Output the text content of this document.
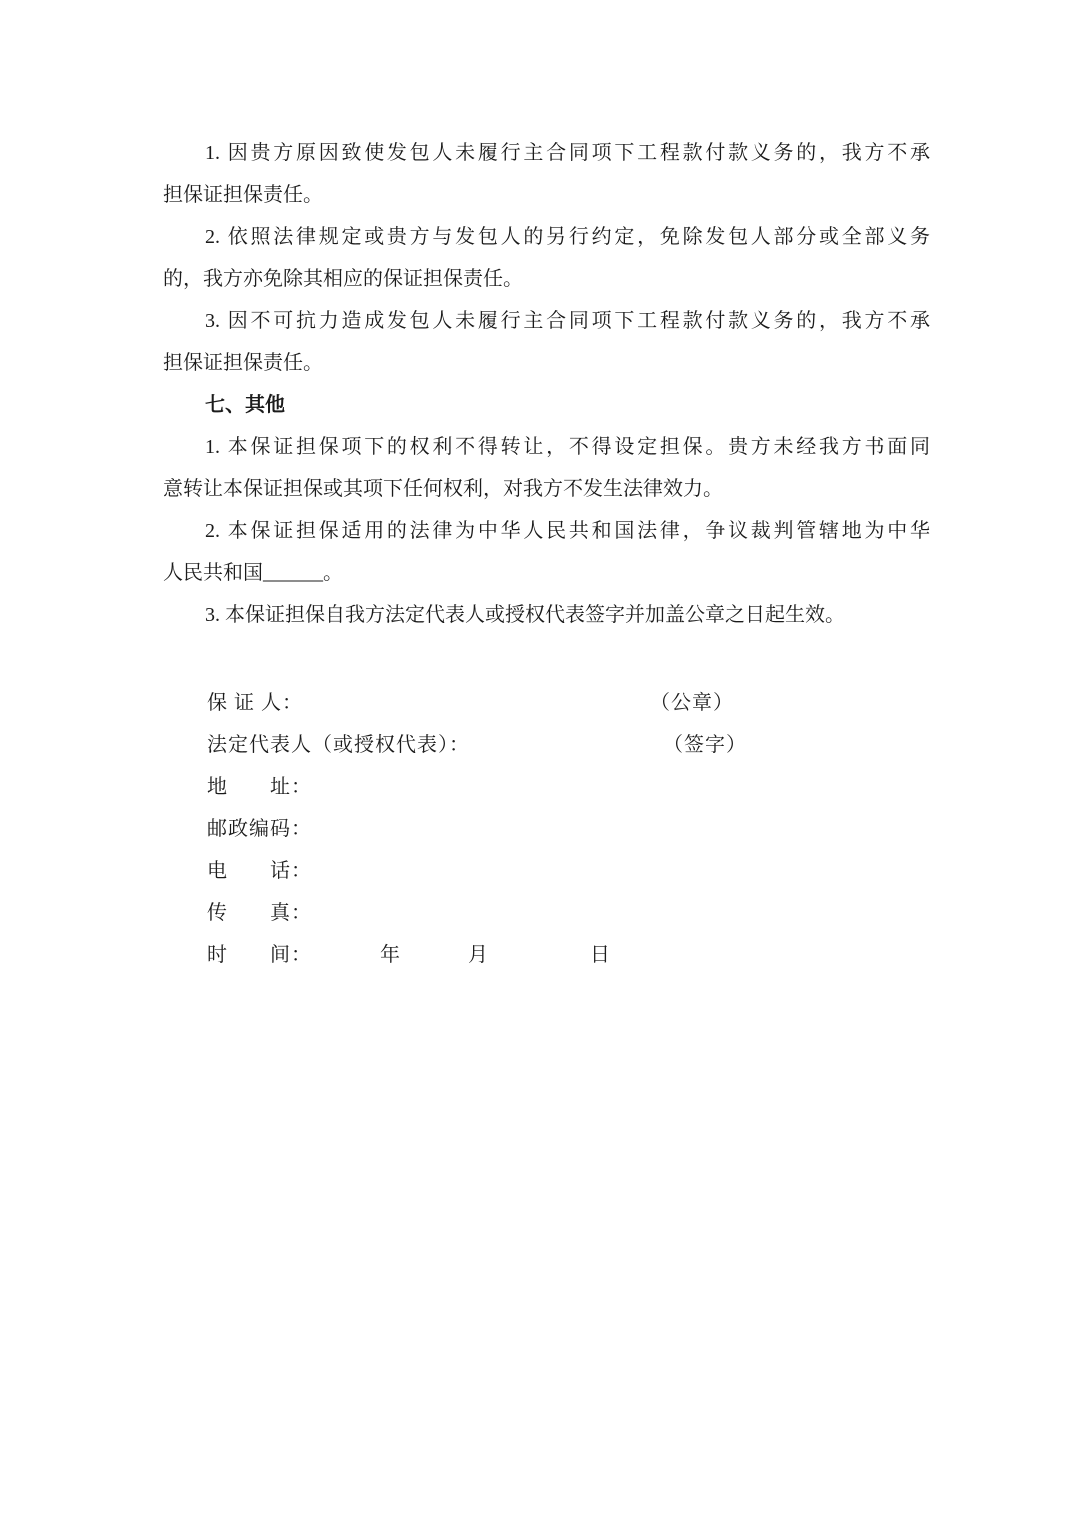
1. 因贵方原因致使发包人未履行主合同项下工程款付款义务的，我方不承
担保证担保责任。
2. 依照法律规定或贵方与发包人的另行约定，免除发包人部分或全部义务
的，我方亦免除其相应的保证担保责任。
3. 因不可抗力造成发包人未履行主合同项下工程款付款义务的，我方不承
担保证担保责任。
七、其他
1. 本保证担保项下的权利不得转让，不得设定担保。贵方未经我方书面同
意转让本保证担保或其项下任何权利，对我方不发生法律效力。
2. 本保证担保适用的法律为中华人民共和国法律，争议裁判管辖地为中华
人民共和国______。
3. 本保证担保自我方法定代表人或授权代表签字并加盖公章之日起生效。
保 证 人：	（公章）
法定代表人（或授权代表）：	（签字）
地　　址：
邮政编码：
电　　话：
传　　真：
时　　间：	年	月	日
